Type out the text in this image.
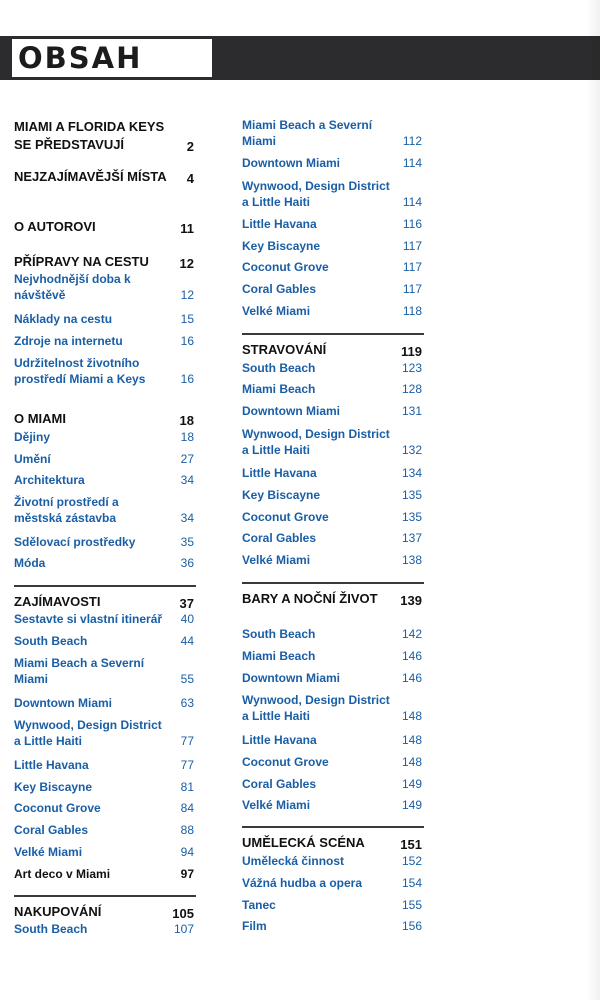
OBSAH
MIAMI A FLORIDA KEYS SE PŘEDSTAVUJÍ	2
NEJZAJÍMAVĚJŠÍ MÍSTA	4
O AUTOROVI	11
PŘÍPRAVY NA CESTU	12
Nejvhodnější doba k návštěvě	12
Náklady na cestu	15
Zdroje na internetu	16
Udržitelnost životního prostředí Miami a Keys	16
O MIAMI	18
Dějiny	18
Umění	27
Architektura	34
Životní prostředí a městská zástavba	34
Sdělovací prostředky	35
Móda	36
ZAJÍMAVOSTI	37
Sestavte si vlastní itinerář	40
South Beach	44
Miami Beach a Severní Miami	55
Downtown Miami	63
Wynwood, Design District a Little Haiti	77
Little Havana	77
Key Biscayne	81
Coconut Grove	84
Coral Gables	88
Velké Miami	94
Art deco v Miami	97
NAKUPOVÁNÍ	105
South Beach	107
Miami Beach a Severní Miami	112
Downtown Miami	114
Wynwood, Design District a Little Haiti	114
Little Havana	116
Key Biscayne	117
Coconut Grove	117
Coral Gables	117
Velké Miami	118
STRAVOVÁNÍ	119
South Beach	123
Miami Beach	128
Downtown Miami	131
Wynwood, Design District a Little Haiti	132
Little Havana	134
Key Biscayne	135
Coconut Grove	135
Coral Gables	137
Velké Miami	138
BARY A NOČNÍ ŽIVOT	139
South Beach	142
Miami Beach	146
Downtown Miami	146
Wynwood, Design District a Little Haiti	148
Little Havana	148
Coconut Grove	148
Coral Gables	149
Velké Miami	149
UMĚLECKÁ SCÉNA	151
Umělecká činnost	152
Vážná hudba a opera	154
Tanec	155
Film	156
